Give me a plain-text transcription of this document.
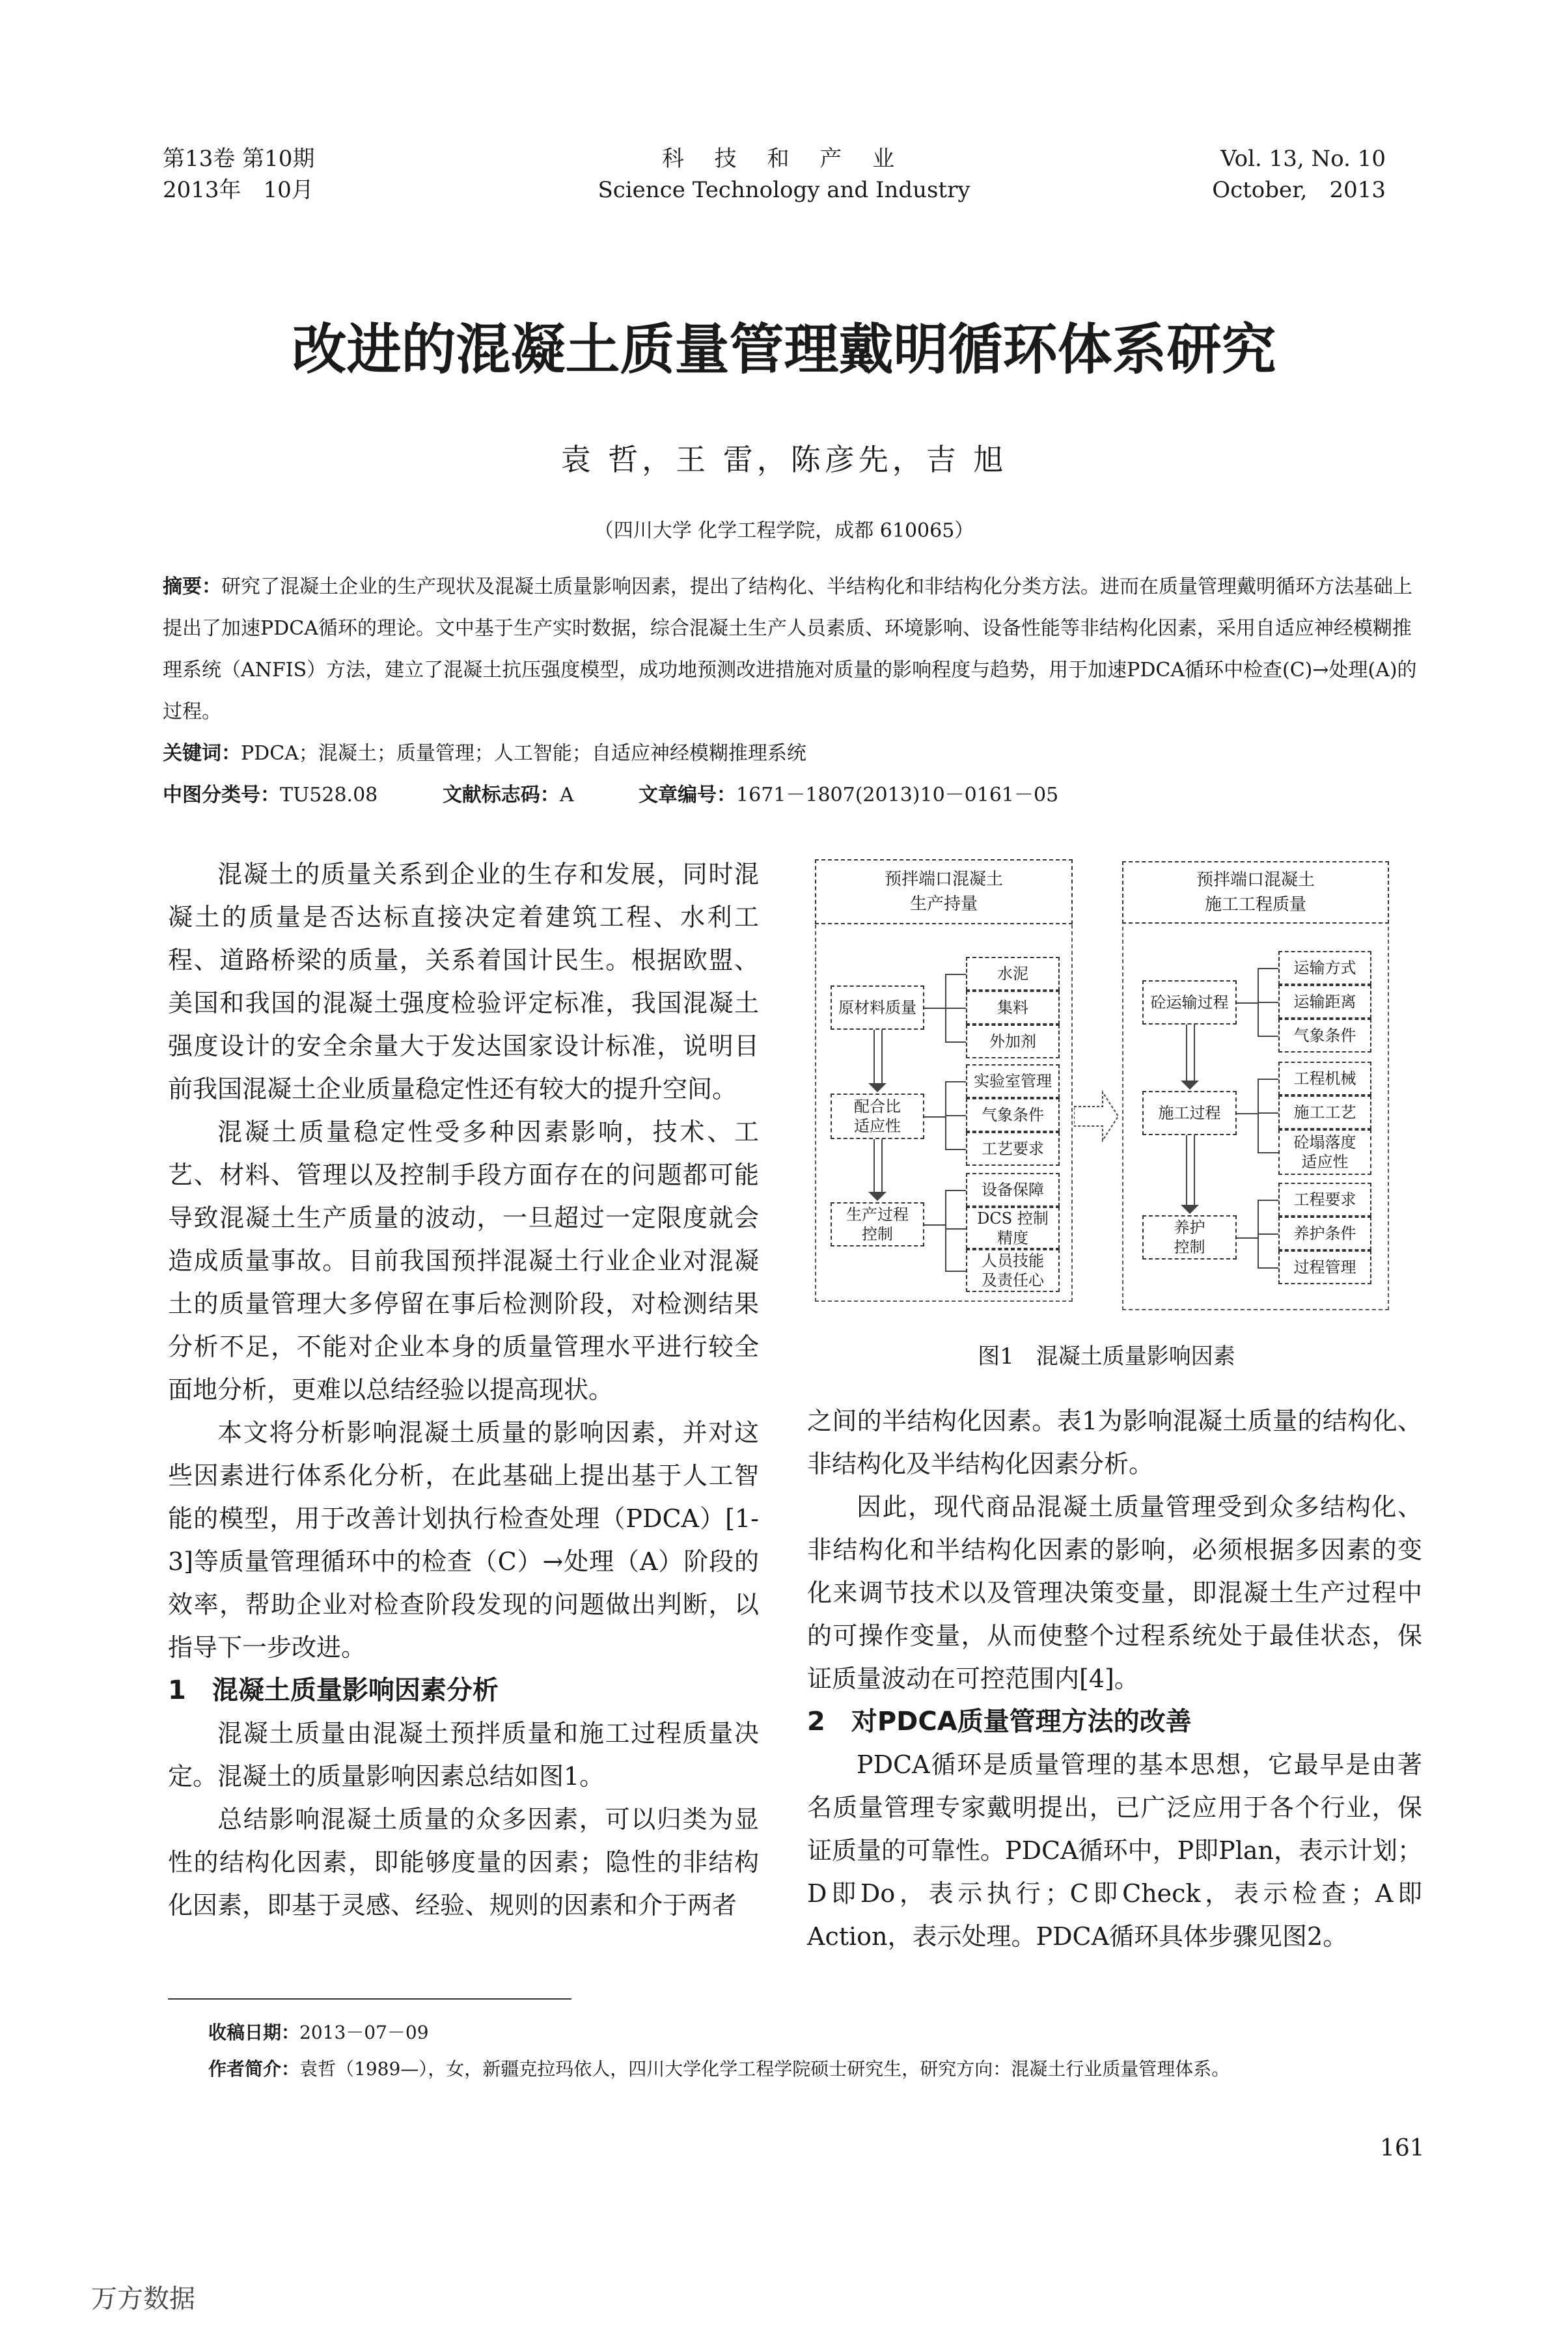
第13卷 第10期
2013年　10月
科 技 和 产 业
Science Technology and Industry
Vol. 13, No. 10
October,　2013
改进的混凝土质量管理戴明循环体系研究
袁 哲，王 雷，陈彦先，吉 旭
（四川大学 化学工程学院，成都 610065）
摘要：研究了混凝土企业的生产现状及混凝土质量影响因素，提出了结构化、半结构化和非结构化分类方法。进而在质量管理戴明循环方法基础上提出了加速PDCA循环的理论。文中基于生产实时数据，综合混凝土生产人员素质、环境影响、设备性能等非结构化因素，采用自适应神经模糊推理系统（ANFIS）方法，建立了混凝土抗压强度模型，成功地预测改进措施对质量的影响程度与趋势，用于加速PDCA循环中检查(C)→处理(A)的过程。
关键词：PDCA；混凝土；质量管理；人工智能；自适应神经模糊推理系统
中图分类号：TU528.08	文献标志码：A	文章编号：1671－1807(2013)10－0161－05

混凝土的质量关系到企业的生存和发展，同时混凝土的质量是否达标直接决定着建筑工程、水利工程、道路桥梁的质量，关系着国计民生。根据欧盟、美国和我国的混凝土强度检验评定标准，我国混凝土强度设计的安全余量大于发达国家设计标准，说明目前我国混凝土企业质量稳定性还有较大的提升空间。

混凝土质量稳定性受多种因素影响，技术、工艺、材料、管理以及控制手段方面存在的问题都可能导致混凝土生产质量的波动，一旦超过一定限度就会造成质量事故。目前我国预拌混凝土行业企业对混凝土的质量管理大多停留在事后检测阶段，对检测结果分析不足，不能对企业本身的质量管理水平进行较全面地分析，更难以总结经验以提高现状。

本文将分析影响混凝土质量的影响因素，并对这些因素进行体系化分析，在此基础上提出基于人工智能的模型，用于改善计划执行检查处理（PDCA）[1-3]等质量管理循环中的检查（C）→处理（A）阶段的效率，帮助企业对检查阶段发现的问题做出判断，以指导下一步改进。

1　混凝土质量影响因素分析

混凝土质量由混凝土预拌质量和施工过程质量决定。混凝土的质量影响因素总结如图1。

总结影响混凝土质量的众多因素，可以归类为显性的结构化因素，即能够度量的因素；隐性的非结构化因素，即基于灵感、经验、规则的因素和介于两者

预拌端口混凝土
生产持量
预拌端口混凝土
施工工程质量
原材料质量
水泥
集料
外加剂
配合比
适应性
实验室管理
气象条件
工艺要求
生产过程
控制
设备保障
DCS 控制
精度
人员技能
及责任心
砼运输过程
运输方式
运输距离
气象条件
施工过程
工程机械
施工工艺
砼塌落度
适应性
养护
控制
工程要求
养护条件
过程管理
图1　混凝土质量影响因素

之间的半结构化因素。表1为影响混凝土质量的结构化、非结构化及半结构化因素分析。

因此，现代商品混凝土质量管理受到众多结构化、非结构化和半结构化因素的影响，必须根据多因素的变化来调节技术以及管理决策变量，即混凝土生产过程中的可操作变量，从而使整个过程系统处于最佳状态，保证质量波动在可控范围内[4]。

2　对PDCA质量管理方法的改善

PDCA循环是质量管理的基本思想，它最早是由著名质量管理专家戴明提出，已广泛应用于各个行业，保证质量的可靠性。PDCA循环中，P即Plan，表示计划；D即Do，表示执行；C即Check，表示检查；A即Action，表示处理。PDCA循环具体步骤见图2。

收稿日期：2013－07－09
作者简介：袁哲（1989—），女，新疆克拉玛依人，四川大学化学工程学院硕士研究生，研究方向：混凝土行业质量管理体系。
161
万方数据
